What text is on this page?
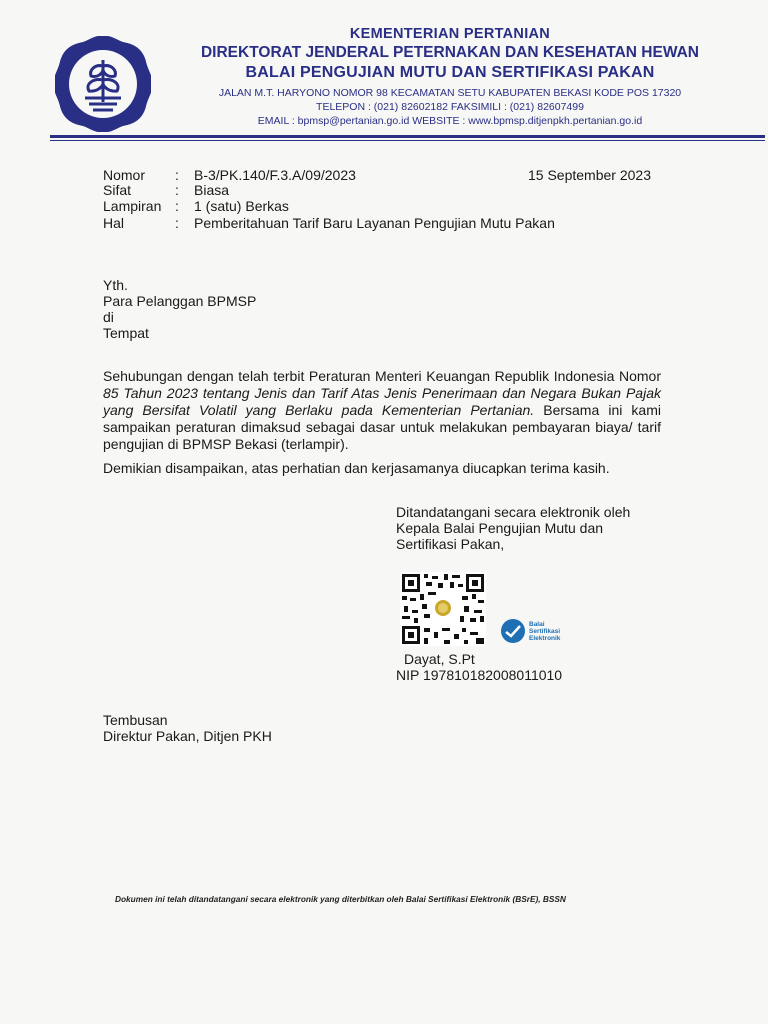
KEMENTERIAN PERTANIAN
DIREKTORAT JENDERAL PETERNAKAN DAN KESEHATAN HEWAN
BALAI PENGUJIAN MUTU DAN SERTIFIKASI PAKAN
JALAN M.T. HARYONO NOMOR 98 KECAMATAN SETU KABUPATEN BEKASI KODE POS 17320
TELEPON : (021) 82602182 FAKSIMILI : (021) 82607499
EMAIL : bpmsp@pertanian.go.id WEBSITE : www.bpmsp.ditjenpkh.pertanian.go.id
Nomor : B-3/PK.140/F.3.A/09/2023	15 September 2023
Sifat	: Biasa
Lampiran : 1 (satu) Berkas
Hal	: Pemberitahuan Tarif Baru Layanan Pengujian Mutu Pakan
Yth.
Para Pelanggan BPMSP
di
Tempat
Sehubungan dengan telah terbit Peraturan Menteri Keuangan Republik Indonesia Nomor
85 Tahun 2023 tentang Jenis dan Tarif Atas Jenis Penerimaan dan Negara Bukan Pajak
yang Bersifat Volatil yang Berlaku pada Kementerian Pertanian. Bersama ini kami
sampaikan peraturan dimaksud sebagai dasar untuk melakukan pembayaran biaya/ tarif
pengujian di BPMSP Bekasi (terlampir).
Demikian disampaikan, atas perhatian dan kerjasamanya diucapkan terima kasih.
Ditandatangani secara elektronik oleh
Kepala Balai Pengujian Mutu dan
Sertifikasi Pakan,
Balai
Sertifikasi
Elektronik
Dayat, S.Pt
NIP 197810182008011010
Tembusan
Direktur Pakan, Ditjen PKH
Dokumen ini telah ditandatangani secara elektronik yang diterbitkan oleh Balai Sertifikasi Elektronik (BSrE), BSSN
